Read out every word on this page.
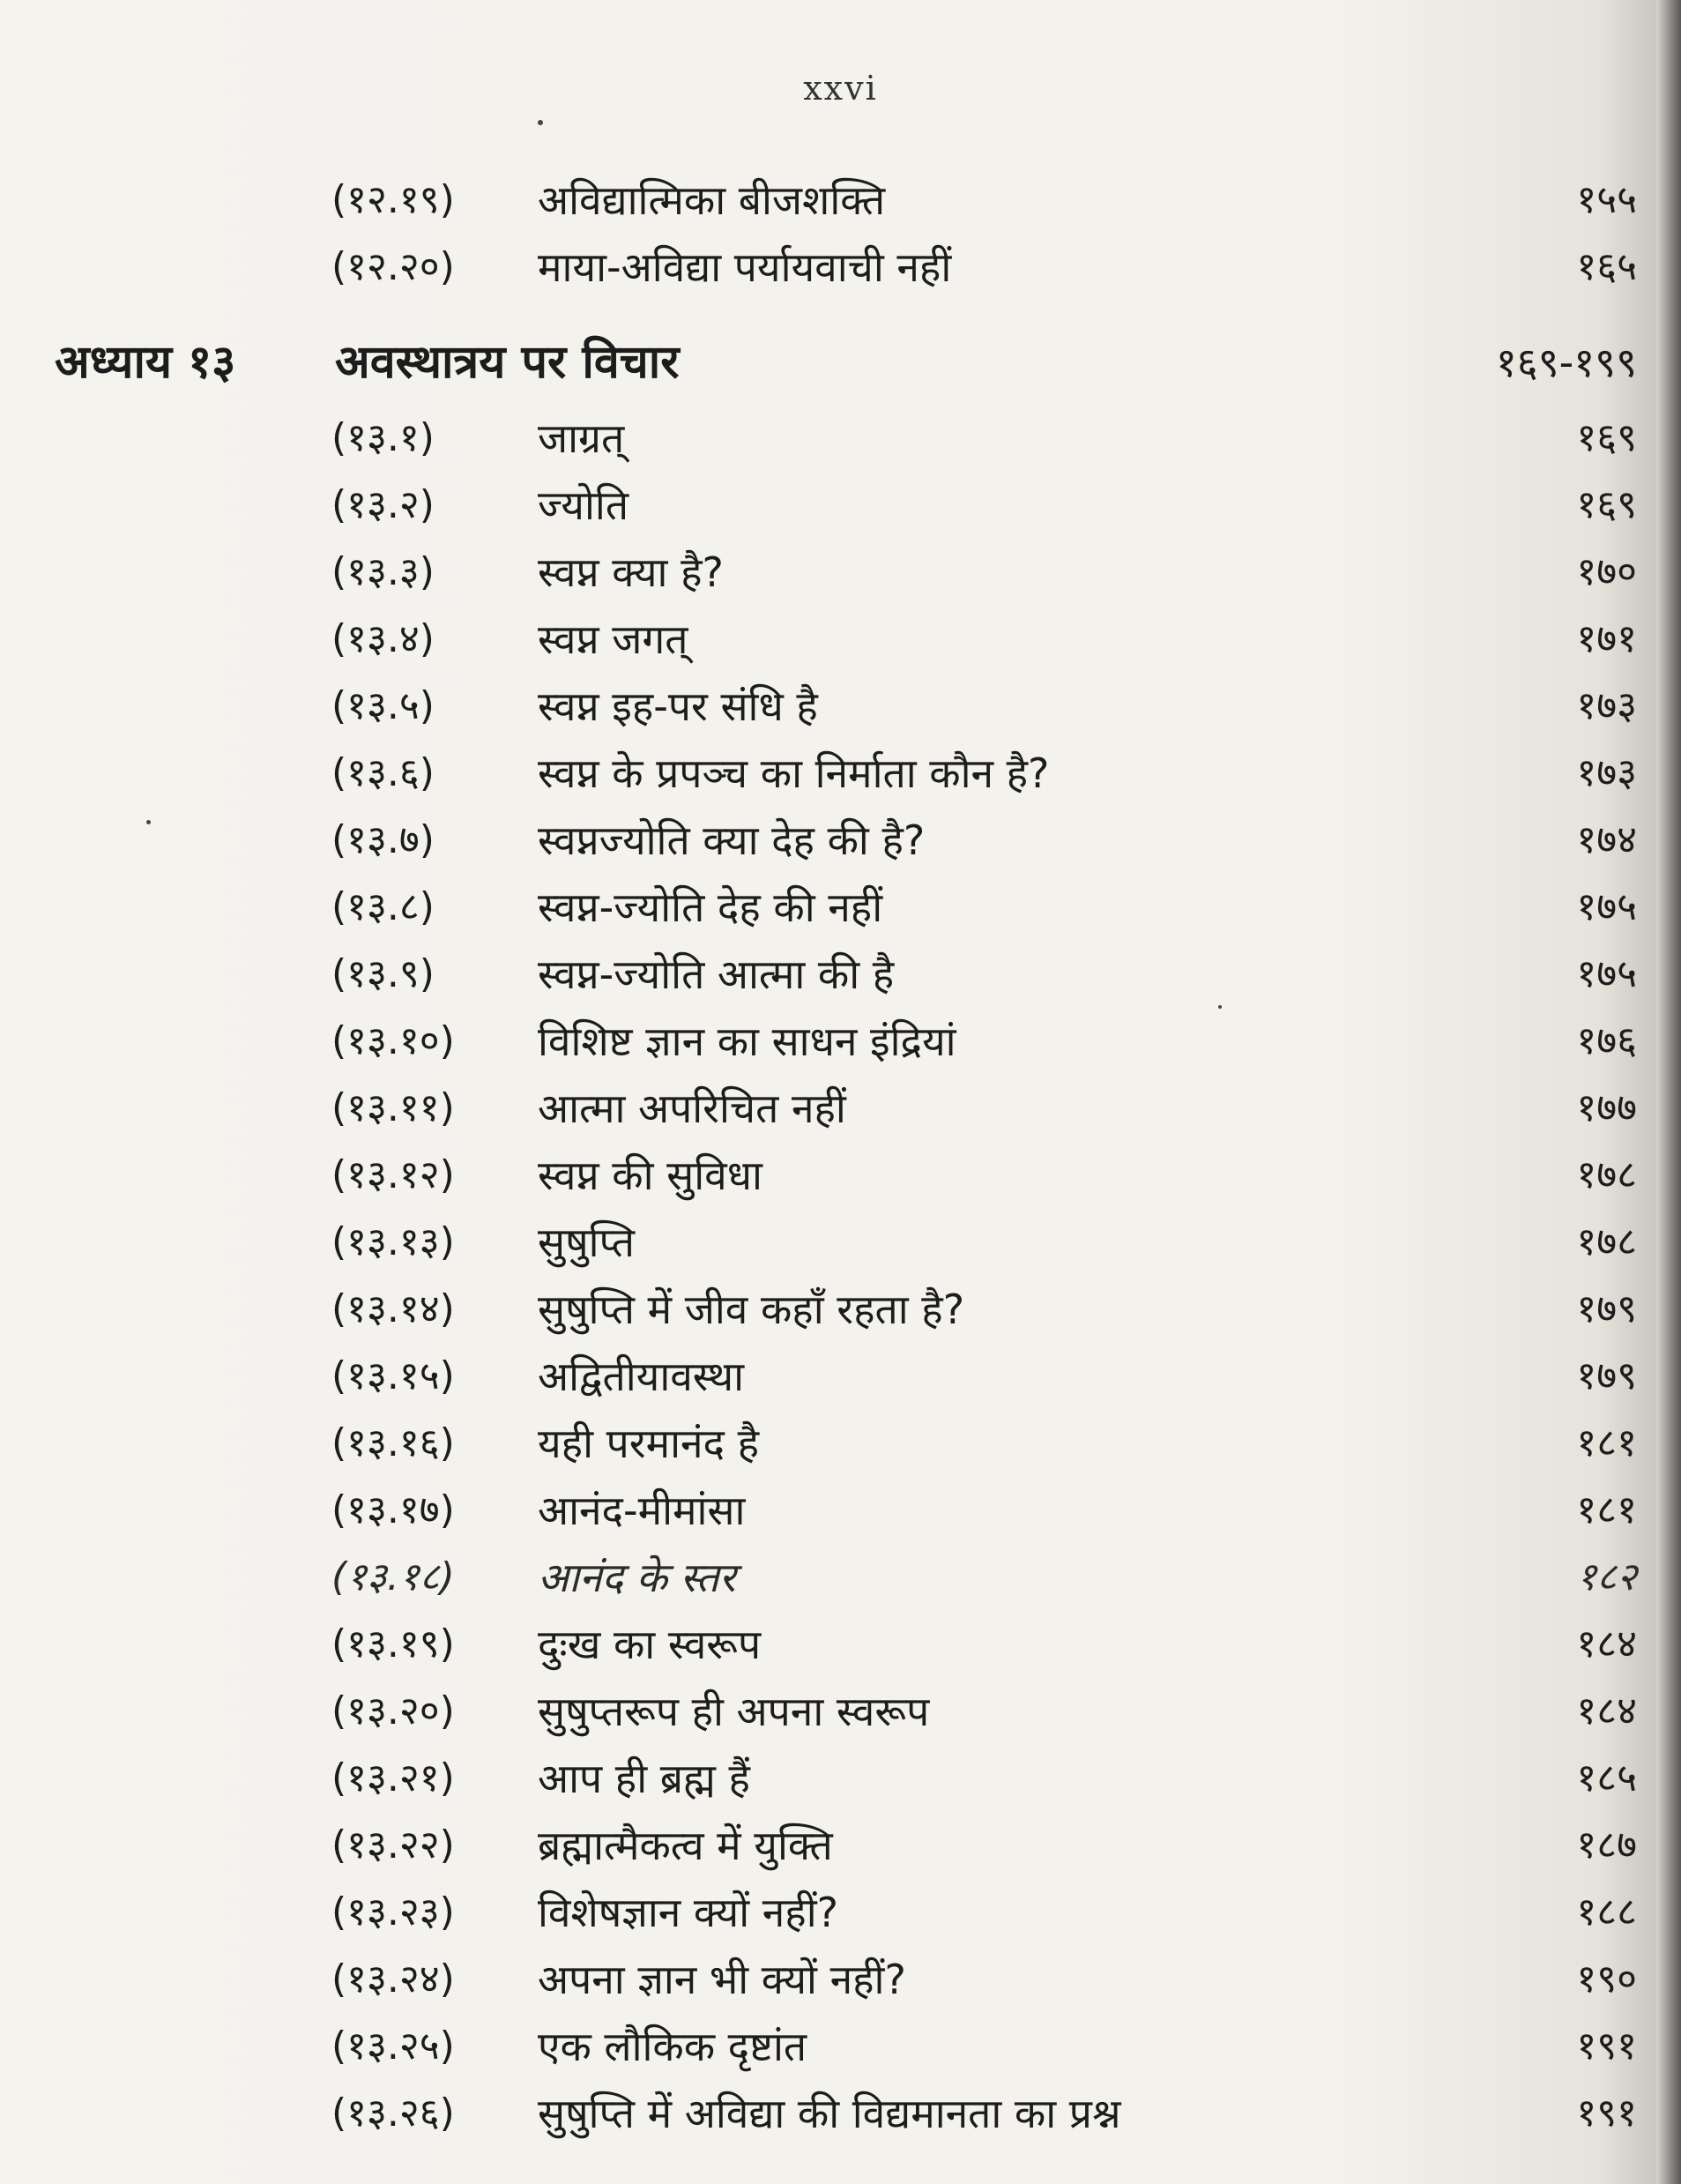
xxvi
(१२.१९) अविद्यात्मिका बीजशक्ति	१५५
(१२.२०) माया-अविद्या पर्यायवाची नहीं	१६५
अध्याय १३ अवस्थात्रय पर विचार	१६९-१९९
(१३.१)	जाग्रत्	१६९
(१३.२)	ज्योति	१६९
(१३.३)	स्वप्न क्या है?	१७०
(१३.४)	स्वप्न जगत्	१७१
(१३.५)	स्वप्न इह-पर संधि है	१७३
(१३.६)	स्वप्न के प्रपञ्च का निर्माता कौन है?	१७३
(१३.७)	स्वप्नज्योति क्या देह की है?	१७४
(१३.८)	स्वप्न-ज्योति देह की नहीं	१७५
(१३.९)	स्वप्न-ज्योति आत्मा की है	१७५
(१३.१०) विशिष्ट ज्ञान का साधन इंद्रियां	१७६
(१३.११) आत्मा अपरिचित नहीं	१७७
(१३.१२) स्वप्न की सुविधा	१७८
(१३.१३) सुषुप्ति	१७८
(१३.१४) सुषुप्ति में जीव कहाँ रहता है?	१७९
(१३.१५) अद्वितीयावस्था	१७९
(१३.१६) यही परमानंद है	१८१
(१३.१७) आनंद-मीमांसा	१८१
(१३.१८) आनंद के स्तर	१८२
(१३.१९) दुःख का स्वरूप	१८४
(१३.२०) सुषुप्तरूप ही अपना स्वरूप	१८४
(१३.२१) आप ही ब्रह्म हैं	१८५
(१३.२२) ब्रह्मात्मैकत्व में युक्ति	१८७
(१३.२३) विशेषज्ञान क्यों नहीं?	१८८
(१३.२४) अपना ज्ञान भी क्यों नहीं?	१९०
(१३.२५) एक लौकिक दृष्टांत	१९१
(१३.२६) सुषुप्ति में अविद्या की विद्यमानता का प्रश्न	१९१
